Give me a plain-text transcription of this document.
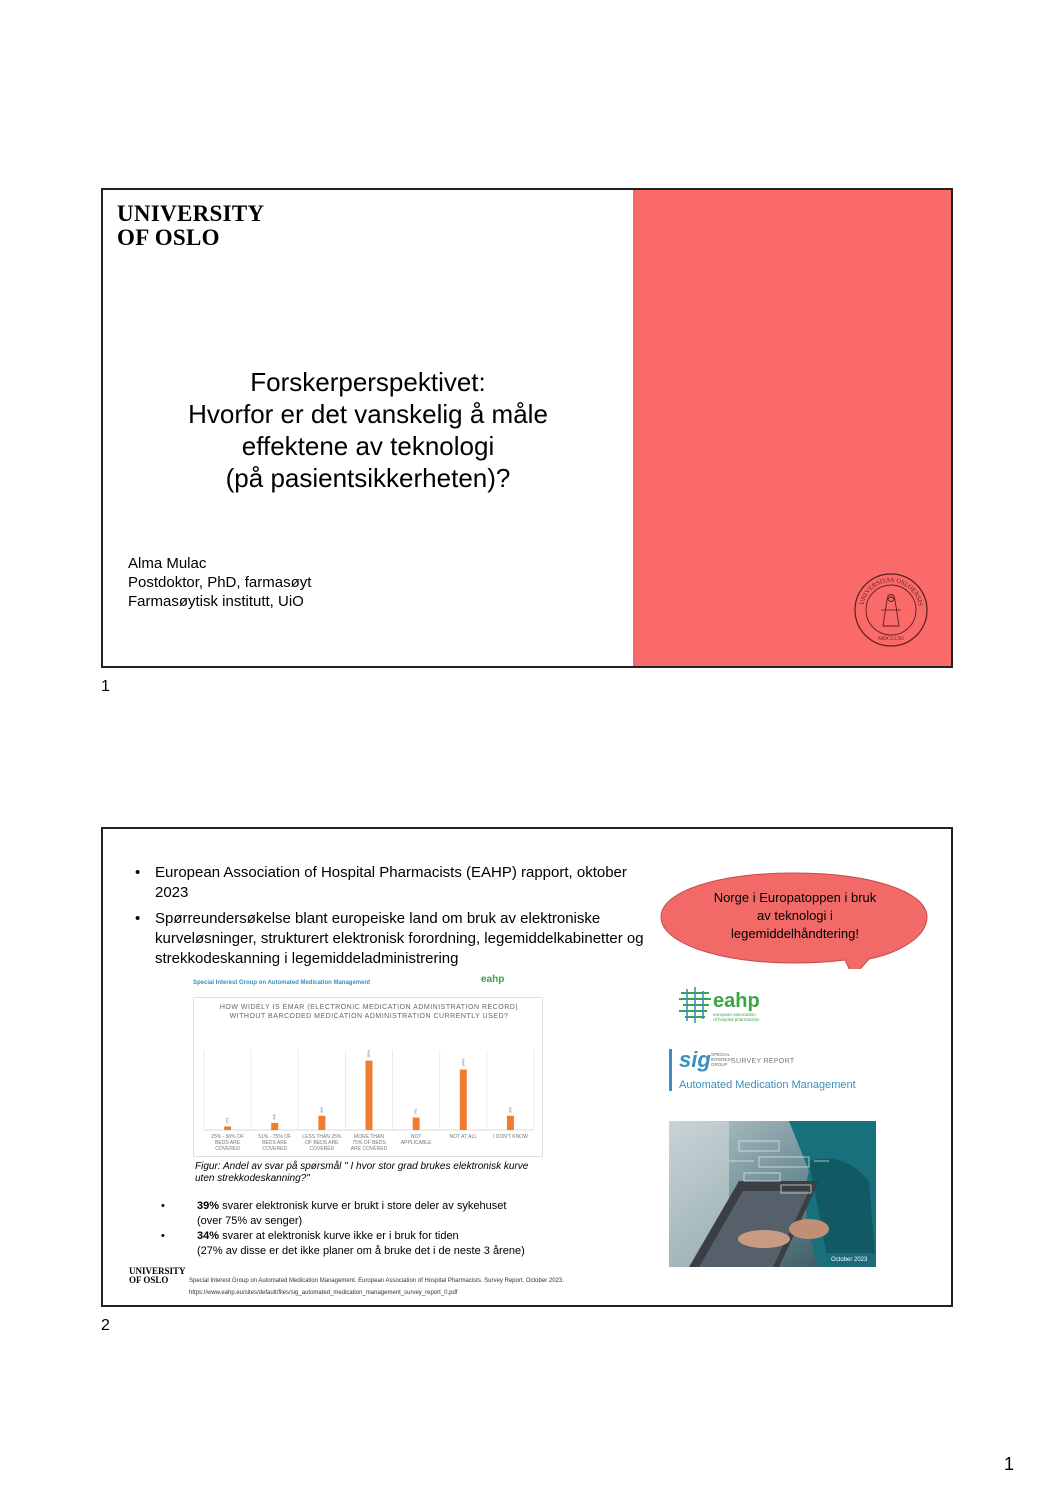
UNIVERSITY
OF OSLO
Forskerperspektivet:
Hvorfor er det vanskelig å måle
effektene av teknologi
(på pasientsikkerheten)?
Alma Mulac
Postdoktor, PhD, farmasøyt
Farmasøytisk institutt, UiO	UNIVERSITAS OSLOENSIS
MDCCCXI
1
• European Association of Hospital Pharmacists (EAHP) rapport, oktober 2023
• Spørreundersøkelse blant europeiske land om bruk av elektroniske kurveløsninger, strukturert elektronisk forordning, legemiddelkabinetter og strekkodeskanning i legemiddeladministrering
Norge i Europatoppen i bruk av teknologi i legemiddelhåndtering!
Special Interest Group on Automated Medication Management	eahp
HOW WIDELY IS EMAR (ELECTRONIC MEDICATION ADMINISTRATION RECORD) WITHOUT BARCODED MEDICATION ADMINISTRATION CURRENTLY USED?
2%
25% - 50% OF
BEDS ARE
COVERED
4%
51% - 75% OF
BEDS ARE
COVERED
8%
LESS THAN 25%
OF BEDS ARE
COVERED
39%
MORE THAN
75% OF BEDS
ARE COVERED
7%
NOT
APPLICABLE
34%
NOT AT ALL
8%
I DON'T KNOW
Figur: Andel av svar på spørsmål " I hvor stor grad brukes elektronisk kurve uten strekkodeskanning?"
• 39% svarer elektronisk kurve er brukt i store deler av sykehuset
(over 75% av senger)
• 34% svarer at elektronisk kurve ikke er i bruk for tiden
(27% av disse er det ikke planer om å bruke det i de neste 3 årene)
UNIVERSITY
OF OSLO	Special Interest Group on Automated Medication Management. European Association of Hospital Pharmacists. Survey Report. October 2023.
https://www.eahp.eu/sites/default/files/sig_automated_medication_management_survey_report_0.pdf
eahp
european association
of hospital pharmacists
sig SPECIAL
INTEREST
GROUP SURVEY REPORT
Automated Medication Management
October 2023
2
1
